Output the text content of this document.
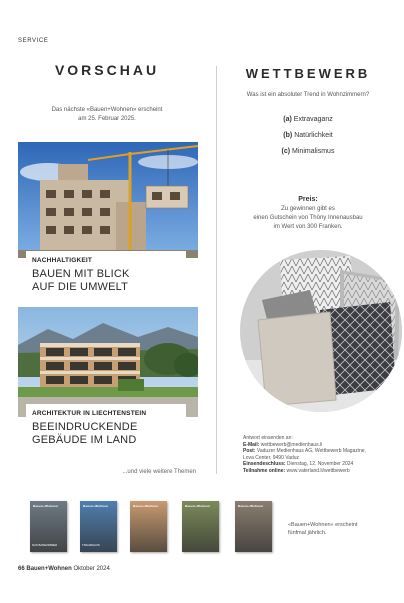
SERVICE
VORSCHAU
Das nächste «Bauen+Wohnen» erscheint
am 25. Februar 2025.
NACHHALTIGKEIT
BAUEN MIT BLICK
AUF DIE UMWELT
ARCHITEKTUR IN LIECHTENSTEIN
BEEINDRUCKENDE
GEBÄUDE IM LAND
...und viele weitere Themen
WETTBEWERB
Was ist ein absoluter Trend in Wohnzimmern?
(a) Extravaganz
(b) Natürlichkeit
(c) Minimalismus
Preis:
Zu gewinnen gibt es
einen Gutschein von Thöny Innenausbau
im Wert von 300 Franken.
Antwort einsenden an:
E-Mail: wettbewerb@medienhaus.li
Post: Vaduzer Medienhaus AG, Wettbewerb Magazine,
Lova Center, 9490 Vaduz
Einsendeschluss: Dienstag, 12. November 2024
Teilnahme online: www.vaterland.li/wettbewerb
Bauen+Wohnen
DAS BADEZIMMER
Bauen+Wohnen
TRAUMHAUS
Bauen+Wohnen	Bauen+Wohnen	Bauen+Wohnen
«Bauen+Wohnen» erscheint
fünfmal jährlich.
66 Bauen+Wohnen Oktober 2024
